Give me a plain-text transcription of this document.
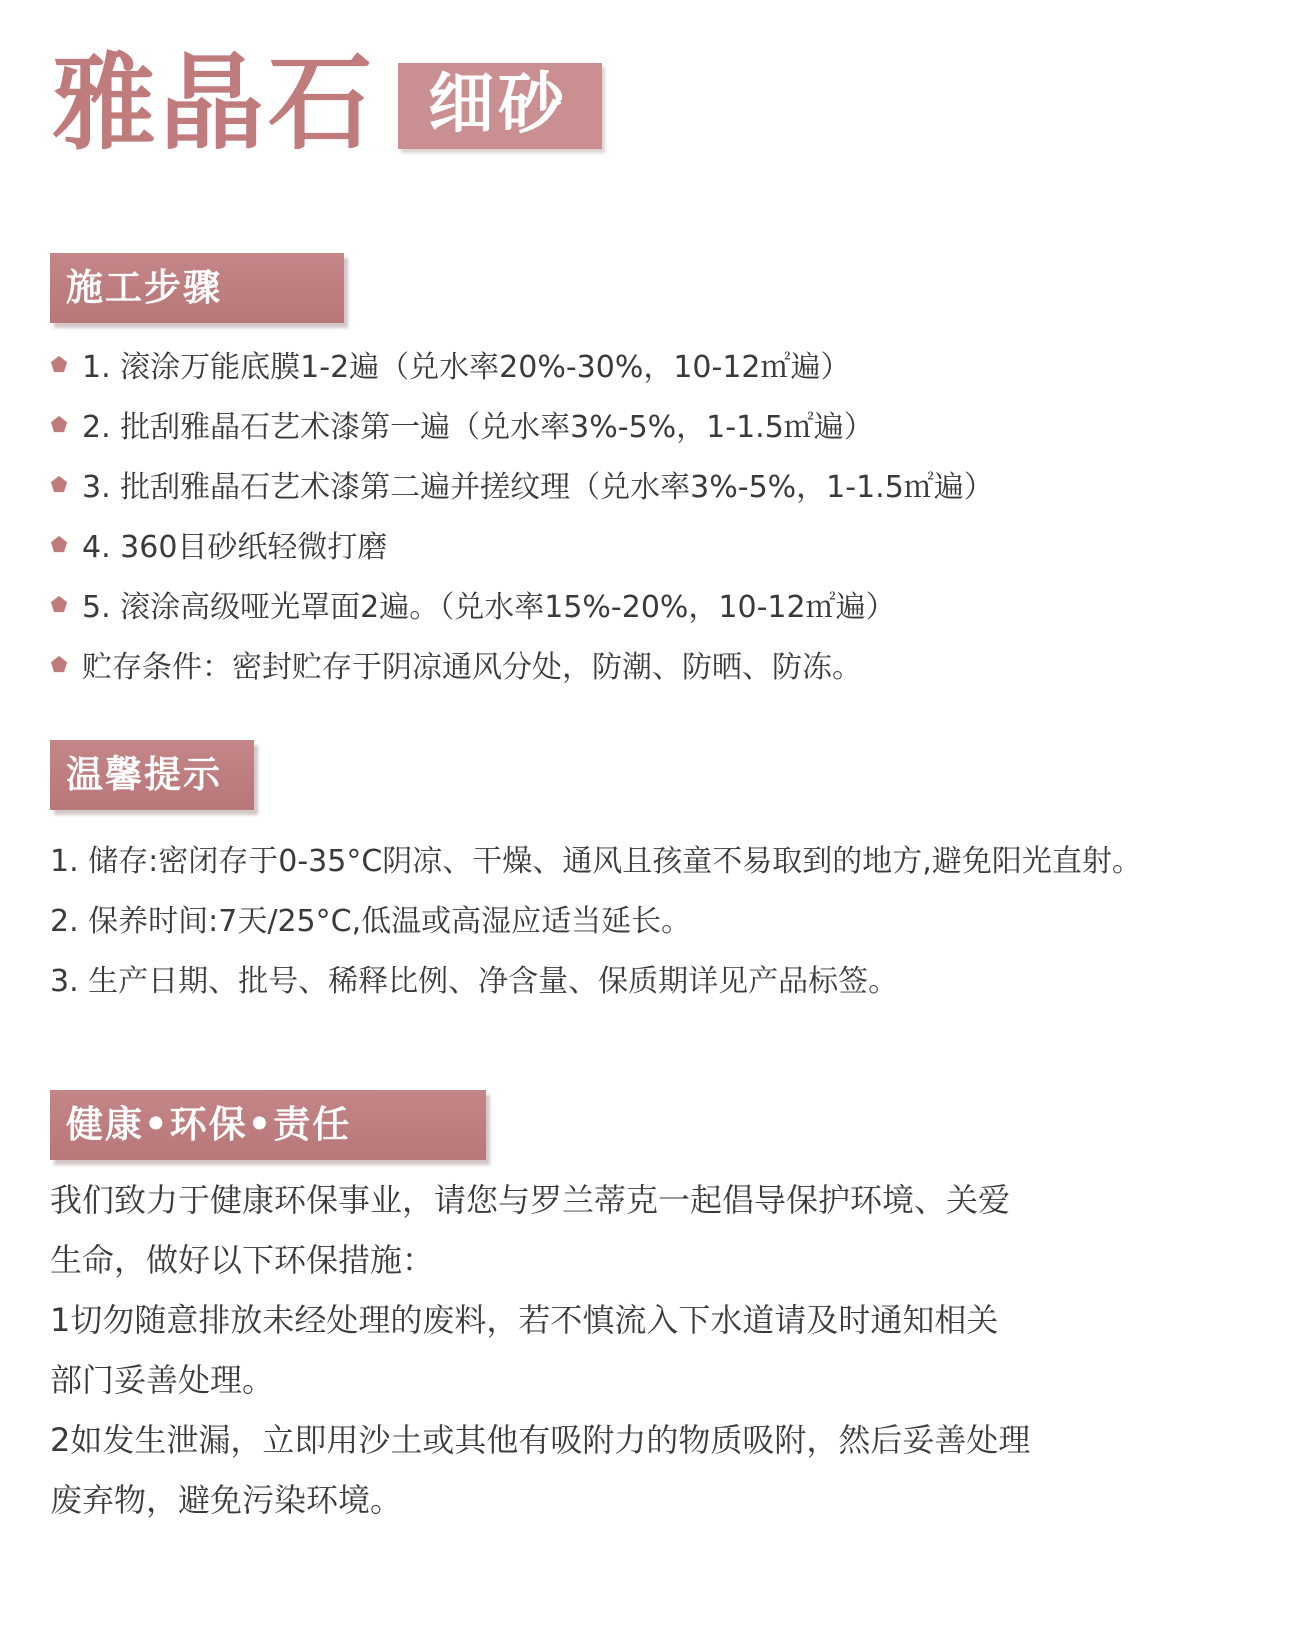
雅晶石 细砂
施工步骤
1. 滚涂万能底膜1-2遍（兑水率20%-30%，10-12㎡遍）
2. 批刮雅晶石艺术漆第一遍（兑水率3%-5%，1-1.5㎡遍）
3. 批刮雅晶石艺术漆第二遍并搓纹理（兑水率3%-5%，1-1.5㎡遍）
4. 360目砂纸轻微打磨
5. 滚涂高级哑光罩面2遍。（兑水率15%-20%，10-12㎡遍）
贮存条件：密封贮存于阴凉通风分处，防潮、防晒、防冻。
温馨提示
1. 储存:密闭存于0-35°C阴凉、干燥、通风且孩童不易取到的地方,避免阳光直射。
2. 保养时间:7天/25°C,低温或高湿应适当延长。
3. 生产日期、批号、稀释比例、净含量、保质期详见产品标签。
健康•环保•责任
我们致力于健康环保事业，请您与罗兰蒂克一起倡导保护环境、关爱
生命，做好以下环保措施：
1切勿随意排放未经处理的废料，若不慎流入下水道请及时通知相关
部门妥善处理。
2如发生泄漏，立即用沙土或其他有吸附力的物质吸附，然后妥善处理
废弃物，避免污染环境。
